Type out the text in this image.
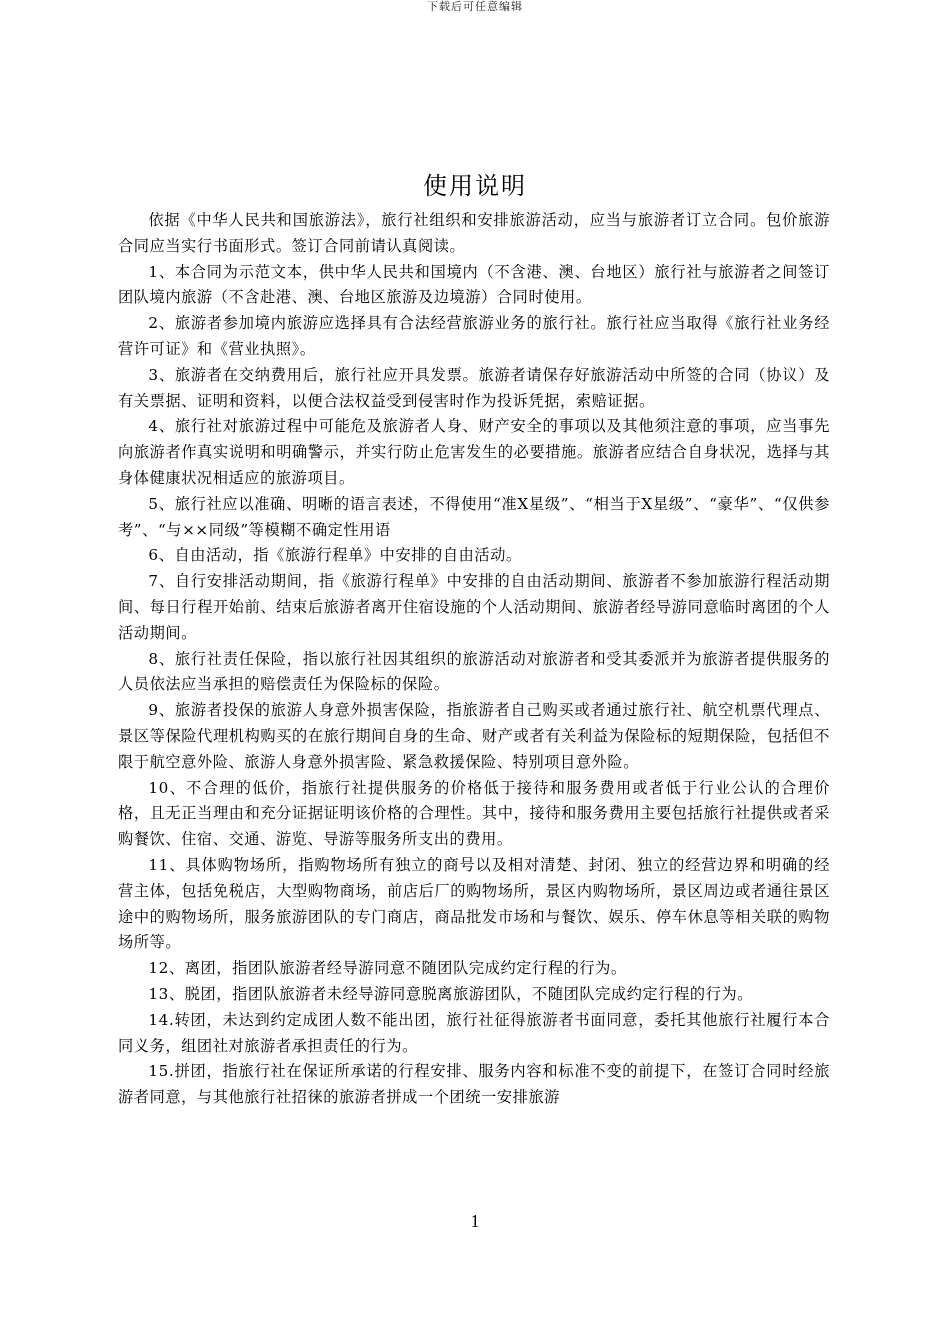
下载后可任意编辑
使用说明

依据《中华人民共和国旅游法》，旅行社组织和安排旅游活动，应当与旅游者订立合同。包价旅游合同应当实行书面形式。签订合同前请认真阅读。

1、本合同为示范文本，供中华人民共和国境内（不含港、澳、台地区）旅行社与旅游者之间签订团队境内旅游（不含赴港、澳、台地区旅游及边境游）合同时使用。

2、旅游者参加境内旅游应选择具有合法经营旅游业务的旅行社。旅行社应当取得《旅行社业务经营许可证》和《营业执照》。

3、旅游者在交纳费用后，旅行社应开具发票。旅游者请保存好旅游活动中所签的合同（协议）及有关票据、证明和资料，以便合法权益受到侵害时作为投诉凭据，索赔证据。

4、旅行社对旅游过程中可能危及旅游者人身、财产安全的事项以及其他须注意的事项，应当事先向旅游者作真实说明和明确警示，并实行防止危害发生的必要措施。旅游者应结合自身状况，选择与其身体健康状况相适应的旅游项目。

5、旅行社应以准确、明晰的语言表述，不得使用“准X星级”、“相当于X星级”、“豪华”、“仅供参考”、“与××同级”等模糊不确定性用语

6、自由活动，指《旅游行程单》中安排的自由活动。

7、自行安排活动期间，指《旅游行程单》中安排的自由活动期间、旅游者不参加旅游行程活动期间、每日行程开始前、结束后旅游者离开住宿设施的个人活动期间、旅游者经导游同意临时离团的个人活动期间。

8、旅行社责任保险，指以旅行社因其组织的旅游活动对旅游者和受其委派并为旅游者提供服务的人员依法应当承担的赔偿责任为保险标的保险。

9、旅游者投保的旅游人身意外损害保险，指旅游者自己购买或者通过旅行社、航空机票代理点、景区等保险代理机构购买的在旅行期间自身的生命、财产或者有关利益为保险标的短期保险，包括但不限于航空意外险、旅游人身意外损害险、紧急救援保险、特别项目意外险。

10、不合理的低价，指旅行社提供服务的价格低于接待和服务费用或者低于行业公认的合理价格，且无正当理由和充分证据证明该价格的合理性。其中，接待和服务费用主要包括旅行社提供或者采购餐饮、住宿、交通、游览、导游等服务所支出的费用。

11、具体购物场所，指购物场所有独立的商号以及相对清楚、封闭、独立的经营边界和明确的经营主体，包括免税店，大型购物商场，前店后厂的购物场所，景区内购物场所，景区周边或者通往景区途中的购物场所，服务旅游团队的专门商店，商品批发市场和与餐饮、娱乐、停车休息等相关联的购物场所等。

12、离团，指团队旅游者经导游同意不随团队完成约定行程的行为。

13、脱团，指团队旅游者未经导游同意脱离旅游团队，不随团队完成约定行程的行为。

14.转团，未达到约定成团人数不能出团，旅行社征得旅游者书面同意，委托其他旅行社履行本合同义务，组团社对旅游者承担责任的行为。

15.拼团，指旅行社在保证所承诺的行程安排、服务内容和标准不变的前提下，在签订合同时经旅游者同意，与其他旅行社招徕的旅游者拼成一个团统一安排旅游

1
